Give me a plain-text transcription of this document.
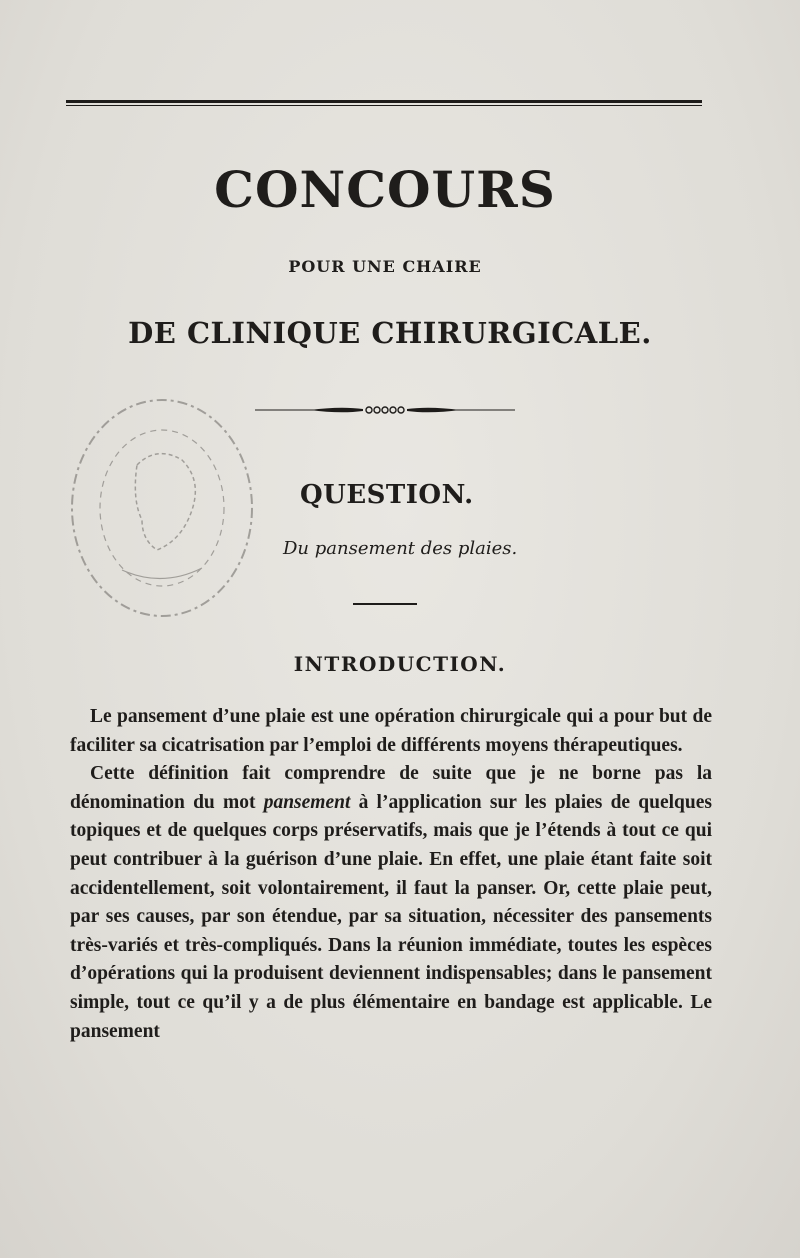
CONCOURS
POUR UNE CHAIRE
DE CLINIQUE CHIRURGICALE.
QUESTION.
Du pansement des plaies.
INTRODUCTION.

Le pansement d’une plaie est une opération chirurgicale qui a pour but de faciliter sa cicatrisation par l’emploi de différents moyens thérapeutiques.

Cette définition fait comprendre de suite que je ne borne pas la dénomination du mot pansement à l’application sur les plaies de quelques topiques et de quelques corps préservatifs, mais que je l’étends à tout ce qui peut contribuer à la guérison d’une plaie. En effet, une plaie étant faite soit accidentellement, soit volontairement, il faut la panser. Or, cette plaie peut, par ses causes, par son étendue, par sa situation, nécessiter des pansements très-variés et très-compliqués. Dans la réunion immédiate, toutes les espèces d’opérations qui la produisent deviennent indispensables; dans le pansement simple, tout ce qu’il y a de plus élémentaire en bandage est applicable. Le pansement
